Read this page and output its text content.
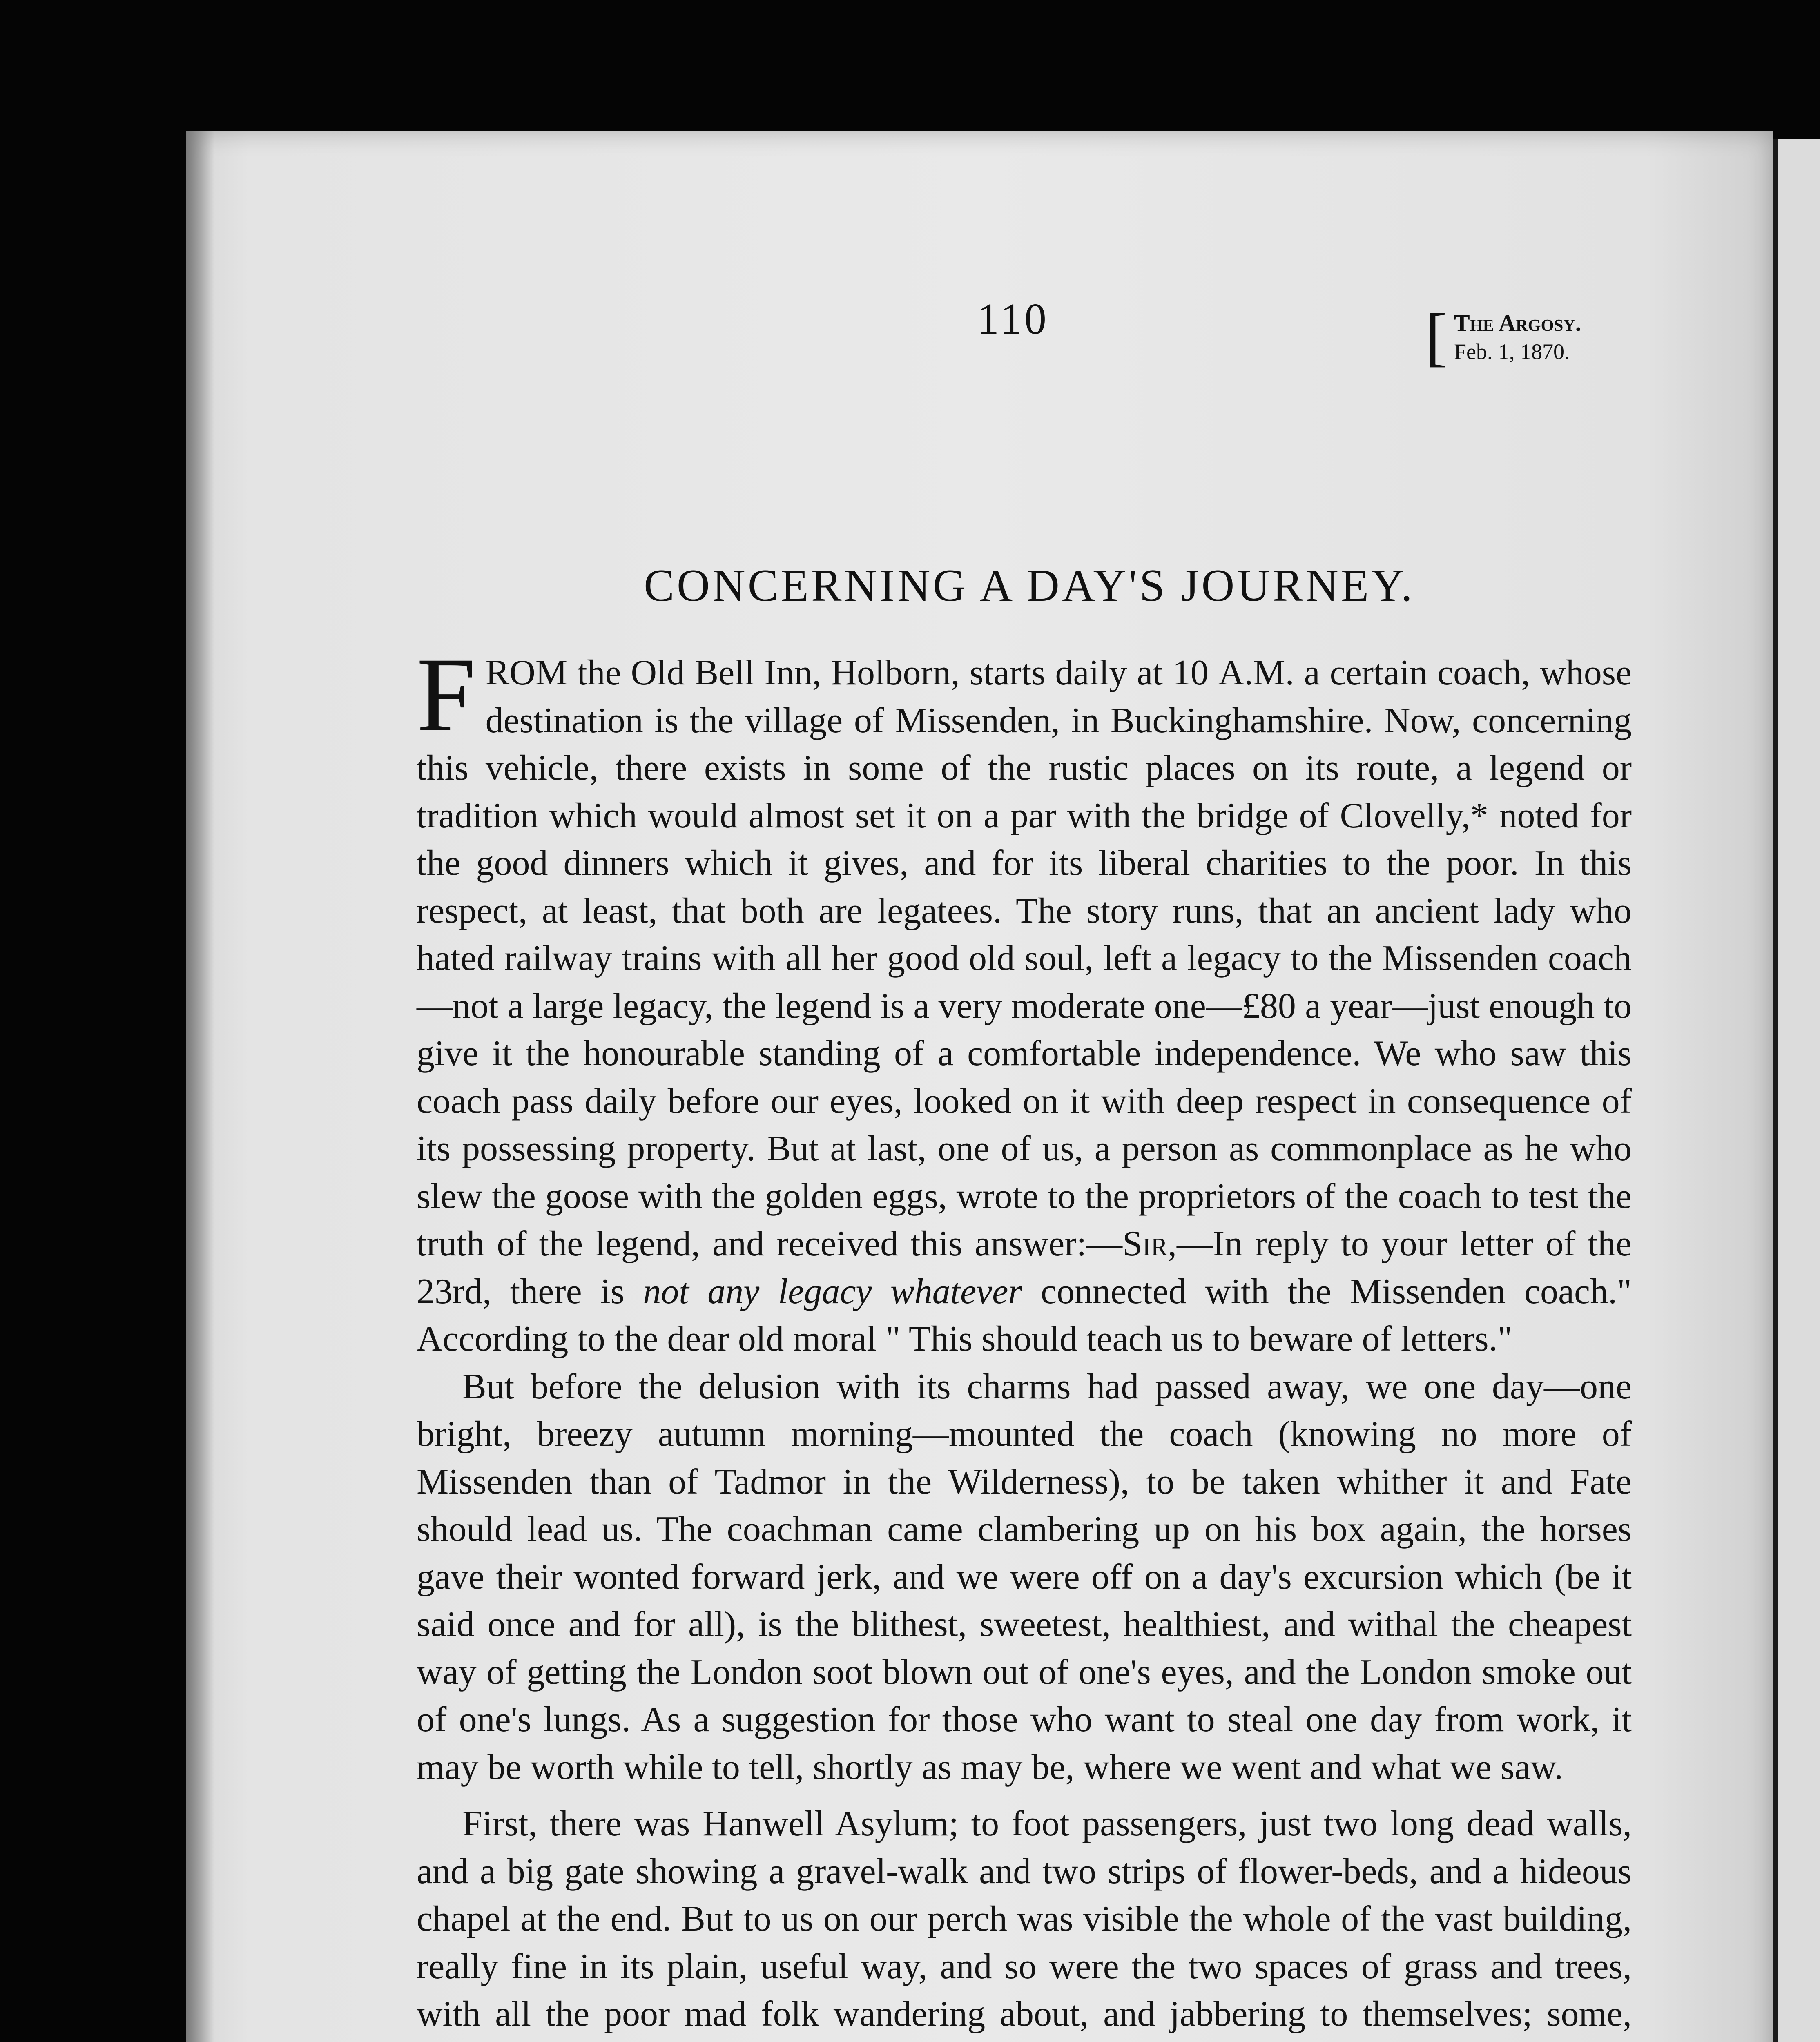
110	[ The Argosy.
Feb. 1, 1870.
CONCERNING A DAY'S JOURNEY.

FROM the Old Bell Inn, Holborn, starts daily at 10 A.M. a certain coach, whose destination is the village of Missenden, in Buckinghamshire. Now, concerning this vehicle, there exists in some of the rustic places on its route, a legend or tradition which would almost set it on a par with the bridge of Clovelly,* noted for the good dinners which it gives, and for its liberal charities to the poor. In this respect, at least, that both are legatees. The story runs, that an ancient lady who hated railway trains with all her good old soul, left a legacy to the Missenden coach—not a large legacy, the legend is a very moderate one—£80 a year—just enough to give it the honourable standing of a comfortable independence. We who saw this coach pass daily before our eyes, looked on it with deep respect in consequence of its possessing property. But at last, one of us, a person as commonplace as he who slew the goose with the golden eggs, wrote to the proprietors of the coach to test the truth of the legend, and received this answer:—Sir,—In reply to your letter of the 23rd, there is not any legacy whatever connected with the Missenden coach." According to the dear old moral " This should teach us to beware of letters."

But before the delusion with its charms had passed away, we one day—one bright, breezy autumn morning—mounted the coach (knowing no more of Missenden than of Tadmor in the Wilderness), to be taken whither it and Fate should lead us. The coachman came clambering up on his box again, the horses gave their wonted forward jerk, and we were off on a day's excursion which (be it said once and for all), is the blithest, sweetest, healthiest, and withal the cheapest way of getting the London soot blown out of one's eyes, and the London smoke out of one's lungs. As a suggestion for those who want to steal one day from work, it may be worth while to tell, shortly as may be, where we went and what we saw.

First, there was Hanwell Asylum; to foot passengers, just two long dead walls, and a big gate showing a gravel-walk and two strips of flower-beds, and a hideous chapel at the end. But to us on our perch was visible the whole of the vast building, really fine in its plain, useful way, and so were the two spaces of grass and trees, with all the poor mad folk wandering about, and jabbering to themselves; some,
